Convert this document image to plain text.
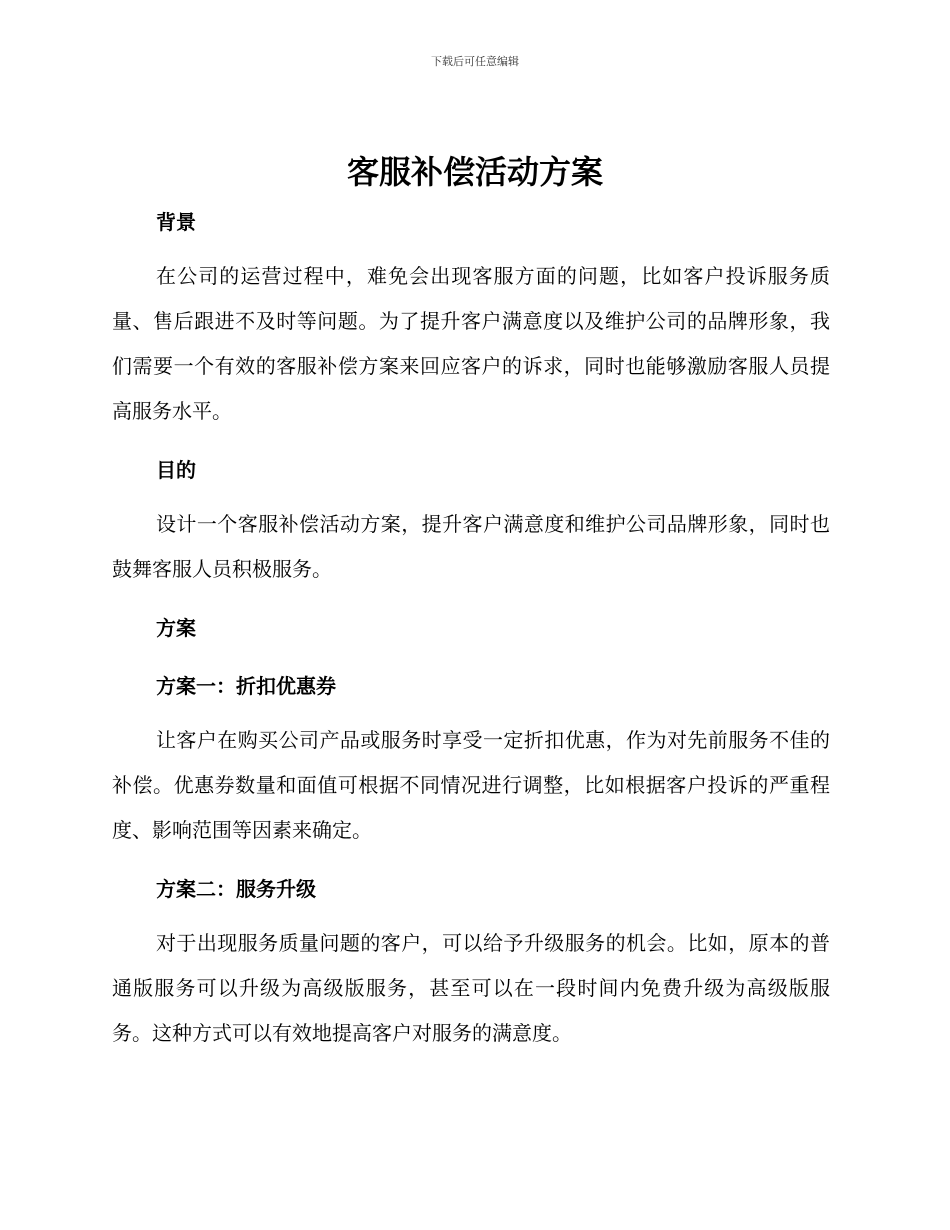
下载后可任意编辑
客服补偿活动方案
背景

在公司的运营过程中，难免会出现客服方面的问题，比如客户投诉服务质量、售后跟进不及时等问题。为了提升客户满意度以及维护公司的品牌形象，我们需要一个有效的客服补偿方案来回应客户的诉求，同时也能够激励客服人员提高服务水平。

目的

设计一个客服补偿活动方案，提升客户满意度和维护公司品牌形象，同时也鼓舞客服人员积极服务。

方案
方案一：折扣优惠券

让客户在购买公司产品或服务时享受一定折扣优惠，作为对先前服务不佳的补偿。优惠券数量和面值可根据不同情况进行调整，比如根据客户投诉的严重程度、影响范围等因素来确定。

方案二：服务升级

对于出现服务质量问题的客户，可以给予升级服务的机会。比如，原本的普通版服务可以升级为高级版服务，甚至可以在一段时间内免费升级为高级版服务。这种方式可以有效地提高客户对服务的满意度。
